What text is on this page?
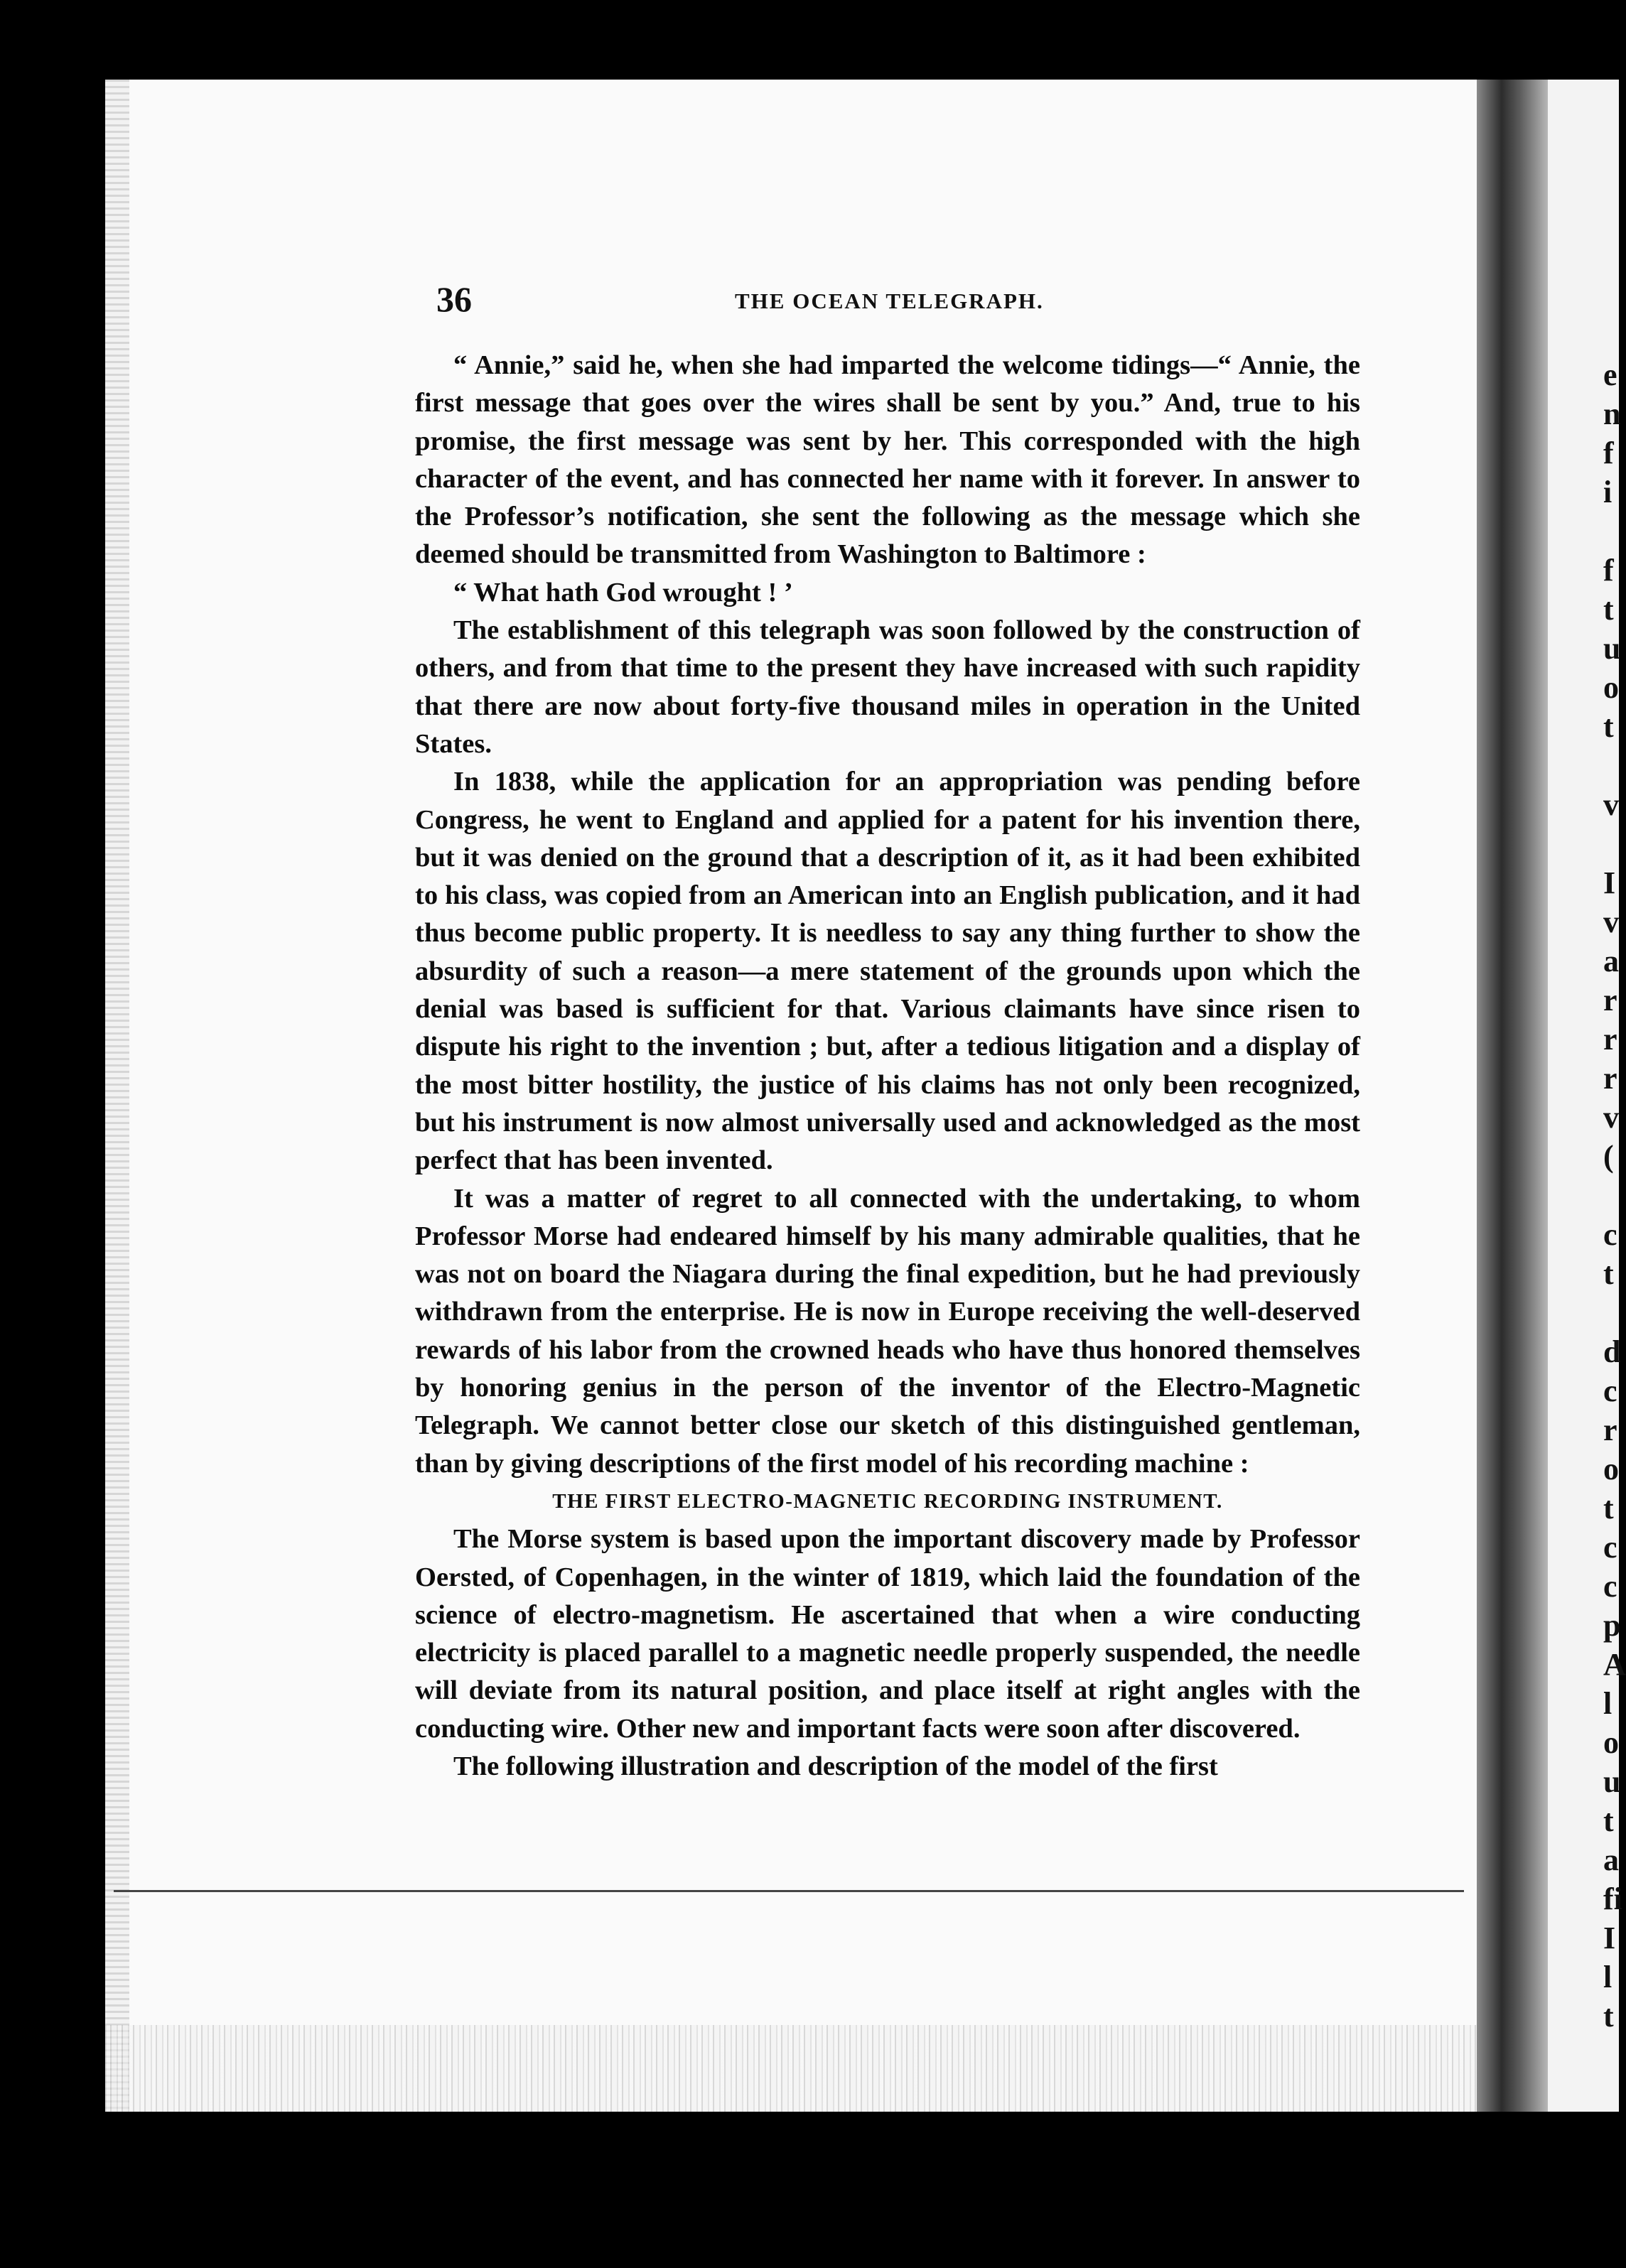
e
n
f
i
f
t
u
o
t
v
I
v
a
r
r
r
v
(
c
t
d
c
r
o
t
c
c
p
A
l
o
u
t
a
fi
I
l
t
36	THE OCEAN TELEGRAPH.

“ Annie,” said he, when she had imparted the welcome tidings—“ Annie, the first message that goes over the wires shall be sent by you.” And, true to his promise, the first message was sent by her. This corresponded with the high character of the event, and has connected her name with it forever. In answer to the Professor’s notification, she sent the following as the message which she deemed should be transmitted from Washington to Baltimore :

“ What hath God wrought ! ’

The establishment of this telegraph was soon followed by the construction of others, and from that time to the present they have increased with such rapidity that there are now about forty-five thousand miles in operation in the United States.

In 1838, while the application for an appropriation was pending before Congress, he went to England and applied for a patent for his invention there, but it was denied on the ground that a description of it, as it had been exhibited to his class, was copied from an American into an English publication, and it had thus become public property. It is needless to say any thing further to show the absurdity of such a reason—a mere statement of the grounds upon which the denial was based is sufficient for that. Various claimants have since risen to dispute his right to the invention ; but, after a tedious litigation and a display of the most bitter hostility, the justice of his claims has not only been recognized, but his instrument is now almost universally used and acknowledged as the most perfect that has been invented.

It was a matter of regret to all connected with the undertaking, to whom Professor Morse had endeared himself by his many admirable qualities, that he was not on board the Niagara during the final expedition, but he had previously withdrawn from the enterprise. He is now in Europe receiving the well-deserved rewards of his labor from the crowned heads who have thus honored themselves by honoring genius in the person of the inventor of the Electro-Magnetic Telegraph. We cannot better close our sketch of this distinguished gentleman, than by giving descriptions of the first model of his recording machine :

THE FIRST ELECTRO-MAGNETIC RECORDING INSTRUMENT.

The Morse system is based upon the important discovery made by Professor Oersted, of Copenhagen, in the winter of 1819, which laid the foundation of the science of electro-magnetism. He ascertained that when a wire conducting electricity is placed parallel to a magnetic needle properly suspended, the needle will deviate from its natural position, and place itself at right angles with the conducting wire. Other new and important facts were soon after discovered.

The following illustration and description of the model of the first
